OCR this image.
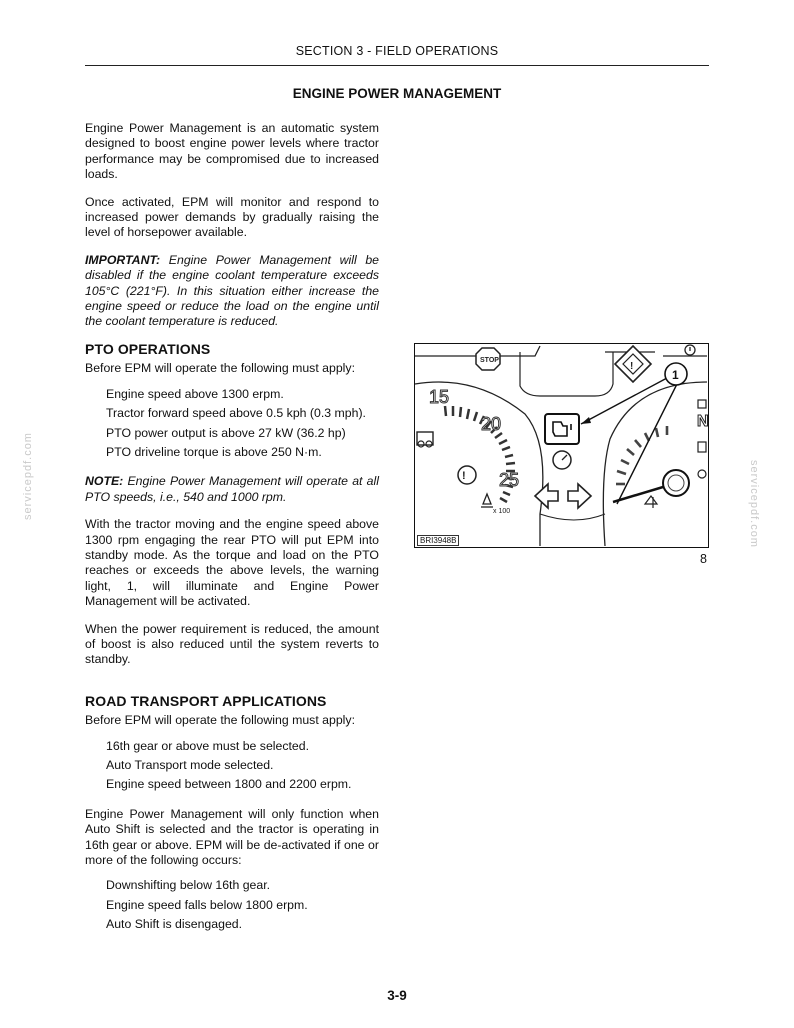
SECTION 3 - FIELD OPERATIONS
ENGINE POWER MANAGEMENT

Engine Power Management is an automatic system designed to boost engine power levels where tractor performance may be compromised due to increased loads.

Once activated, EPM will monitor and respond to increased power demands by gradually raising the level of horsepower available.

IMPORTANT: Engine Power Management will be disabled if the engine coolant temperature exceeds 105°C (221°F). In this situation either increase the engine speed or reduce the load on the engine until the coolant temperature is reduced.

PTO OPERATIONS

Before EPM will operate the following must apply:

Engine speed above 1300 erpm.
Tractor forward speed above 0.5 kph (0.3 mph).
PTO power output is above 27 kW (36.2 hp)
PTO driveline torque is above 250 N·m.

NOTE: Engine Power Management will operate at all PTO speeds, i.e., 540 and 1000 rpm.

With the tractor moving and the engine speed above 1300 rpm engaging the rear PTO will put EPM into standby mode. As the torque and load on the PTO reaches or exceeds the above levels, the warning light, 1, will illuminate and Engine Power Management will be activated.

When the power requirement is reduced, the amount of boost is also reduced until the system reverts to standby.

ROAD TRANSPORT APPLICATIONS

Before EPM will operate the following must apply:

16th gear or above must be selected.
Auto Transport mode selected.
Engine speed between 1800 and 2200 erpm.

Engine Power Management will only function when Auto Shift is selected and the tractor is operating in 16th gear or above. EPM will be de-activated if one or more of the following occurs:

Downshifting below 16th gear.
Engine speed falls below 1800 erpm.
Auto Shift is disengaged.
15
20
25
x 100
!
STOP
!
N
1
BRI3948B
8
servicepdf.com	servicepdf.com
3-9
